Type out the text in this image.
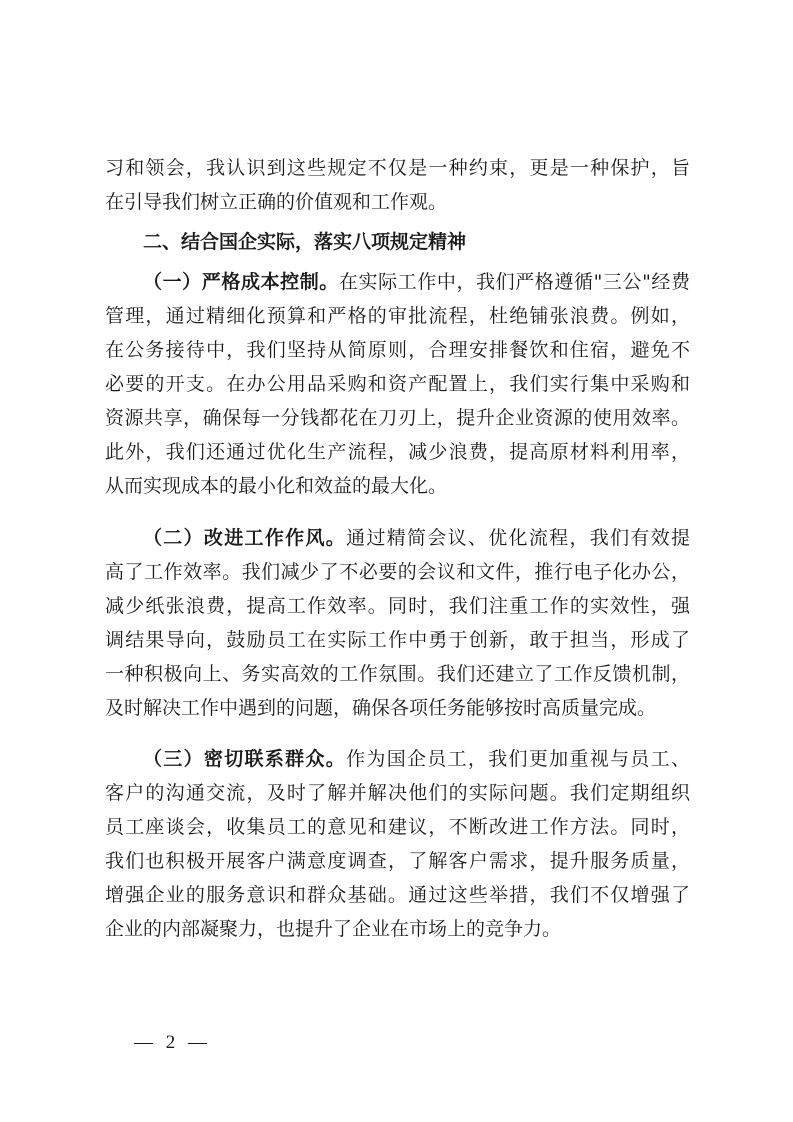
习和领会，我认识到这些规定不仅是一种约束，更是一种保护，旨
在引导我们树立正确的价值观和工作观。
二、结合国企实际，落实八项规定精神
（一）严格成本控制。在实际工作中，我们严格遵循"三公"经费
管理，通过精细化预算和严格的审批流程，杜绝铺张浪费。例如，
在公务接待中，我们坚持从简原则，合理安排餐饮和住宿，避免不
必要的开支。在办公用品采购和资产配置上，我们实行集中采购和
资源共享，确保每一分钱都花在刀刃上，提升企业资源的使用效率。
此外，我们还通过优化生产流程，减少浪费，提高原材料利用率，
从而实现成本的最小化和效益的最大化。
（二）改进工作作风。通过精简会议、优化流程，我们有效提
高了工作效率。我们减少了不必要的会议和文件，推行电子化办公，
减少纸张浪费，提高工作效率。同时，我们注重工作的实效性，强
调结果导向，鼓励员工在实际工作中勇于创新，敢于担当，形成了
一种积极向上、务实高效的工作氛围。我们还建立了工作反馈机制，
及时解决工作中遇到的问题，确保各项任务能够按时高质量完成。
（三）密切联系群众。作为国企员工，我们更加重视与员工、
客户的沟通交流，及时了解并解决他们的实际问题。我们定期组织
员工座谈会，收集员工的意见和建议，不断改进工作方法。同时，
我们也积极开展客户满意度调查，了解客户需求，提升服务质量，
增强企业的服务意识和群众基础。通过这些举措，我们不仅增强了
企业的内部凝聚力，也提升了企业在市场上的竞争力。
— 2 —
